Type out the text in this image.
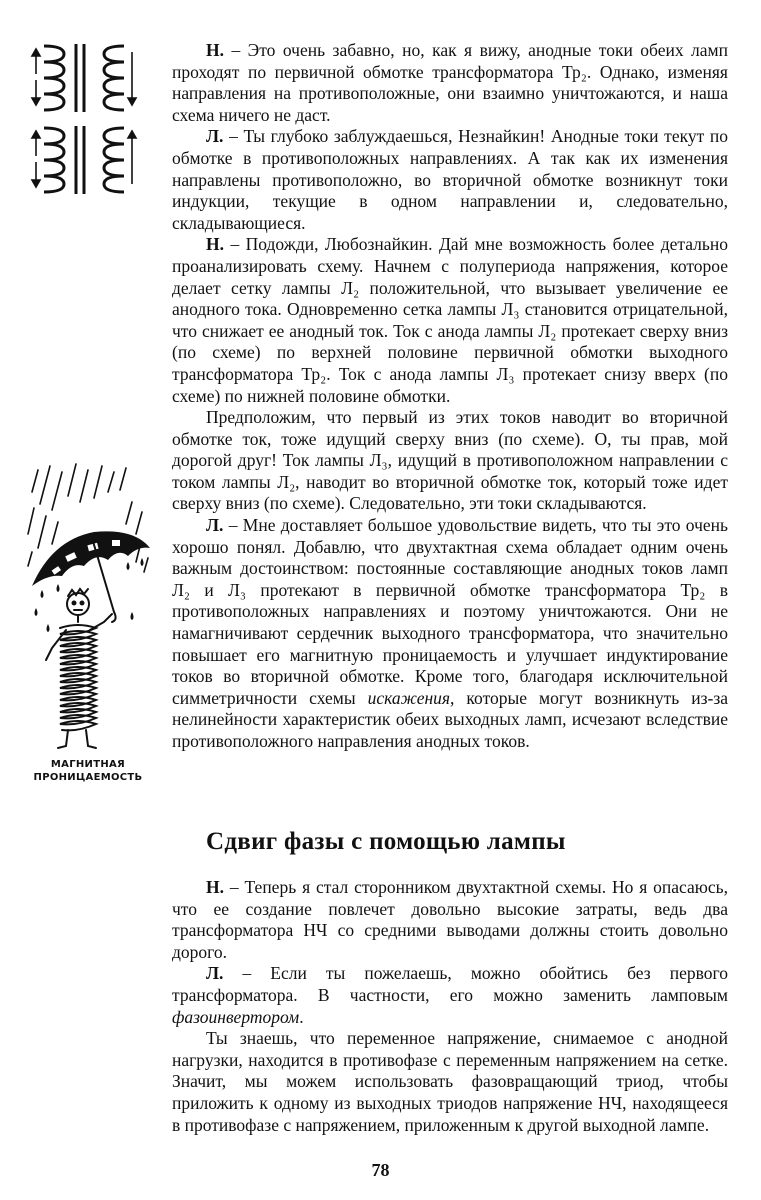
МАГНИТНАЯ
ПРОНИЦАЕМОСТЬ

Н. – Это очень забавно, но, как я вижу, анодные токи обеих ламп проходят по первичной обмотке трансформатора Тр₂. Однако, изменяя направления на противоположные, они взаимно уничтожаются, и наша схема ничего не даст.

Л. – Ты глубоко заблуждаешься, Незнайкин! Анодные токи текут по обмотке в противоположных направлениях. А так как их изменения направлены противоположно, во вторичной обмотке возникнут токи индукции, текущие в одном направлении и, следовательно, складывающиеся.

Н. – Подожди, Любознайкин. Дай мне возможность более детально проанализировать схему. Начнем с полупериода напряжения, которое делает сетку лампы Л₂ положительной, что вызывает увеличение ее анодного тока. Одновременно сетка лампы Л₃ становится отрицательной, что снижает ее анодный ток. Ток с анода лампы Л₂ протекает сверху вниз (по схеме) по верхней половине первичной обмотки выходного трансформатора Тр₂. Ток с анода лампы Л₃ протекает снизу вверх (по схеме) по нижней половине обмотки.

Предположим, что первый из этих токов наводит во вторичной обмотке ток, тоже идущий сверху вниз (по схеме). О, ты прав, мой дорогой друг! Ток лампы Л₃, идущий в противоположном направлении с током лампы Л₂, наводит во вторичной обмотке ток, который тоже идет сверху вниз (по схеме). Следовательно, эти токи складываются.

Л. – Мне доставляет большое удовольствие видеть, что ты это очень хорошо понял. Добавлю, что двухтактная схема обладает одним очень важным достоинством: постоянные составляющие анодных токов ламп Л₂ и Л₃ протекают в первичной обмотке трансформатора Тр₂ в противоположных направлениях и поэтому уничтожаются. Они не намагничивают сердечник выходного трансформатора, что значительно повышает его магнитную проницаемость и улучшает индуктирование токов во вторичной обмотке. Кроме того, благодаря исключительной симметричности схемы искажения, которые могут возникнуть из-за нелинейности характеристик обеих выходных ламп, исчезают вследствие противоположного направления анодных токов.

Сдвиг фазы с помощью лампы

Н. – Теперь я стал сторонником двухтактной схемы. Но я опасаюсь, что ее создание повлечет довольно высокие затраты, ведь два трансформатора НЧ со средними выводами должны стоить довольно дорого.

Л. – Если ты пожелаешь, можно обойтись без первого трансформатора. В частности, его можно заменить ламповым фазоинвертором.

Ты знаешь, что переменное напряжение, снимаемое с анодной нагрузки, находится в противофазе с переменным напряжением на сетке. Значит, мы можем использовать фазовращающий триод, чтобы приложить к одному из выходных триодов напряжение НЧ, находящееся в противофазе с напряжением, приложенным к другой выходной лампе.

78
